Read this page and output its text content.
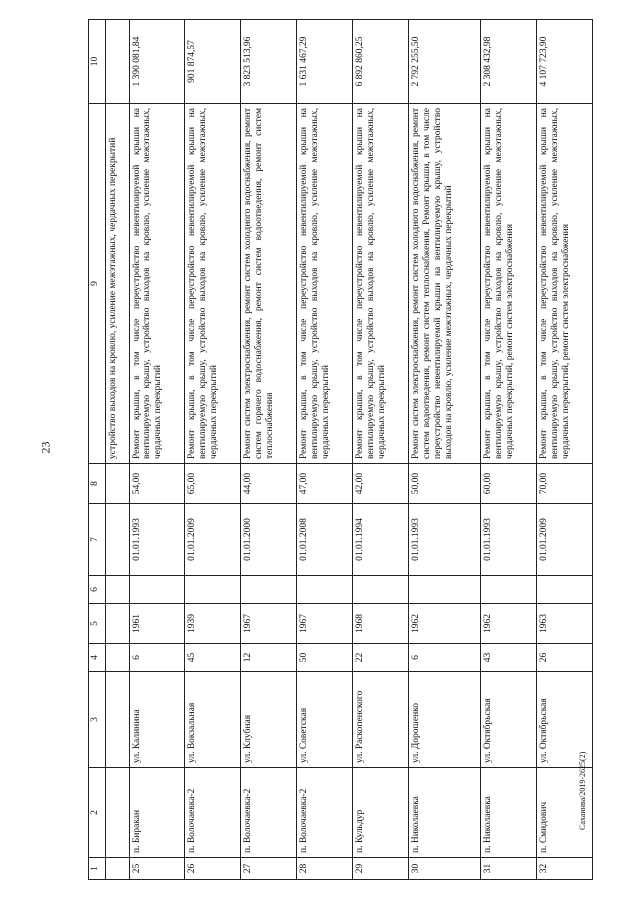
23
1	2	3	4	5	6	7	8	9	10
								устройство выходов на кровлю, усиление межэтажных, чердачных перекрытий	
25	п. Биракан	ул. Калинина	6	1961		01.01.1993	54,00	Ремонт крыши, в том числе переустройство невентилируемой крыши на вентилируемую крышу, устройство выходов на кровлю, усиление межэтажных, чердачных перекрытий	1 390 081,84
26	п. Волочаевка-2	ул. Вокзальная	45	1939		01.01.2009	65,00	Ремонт крыши, в том числе переустройство невентилируемой крыши на вентилируемую крышу, устройство выходов на кровлю, усиление межэтажных, чердачных перекрытий	901 874,57
27	п. Волочаевка-2	ул. Клубная	12	1967		01.01.2000	44,00	Ремонт систем электроснабжения, ремонт систем холодного водоснабжения, ремонт систем горячего водоснабжения, ремонт систем водоотведения, ремонт систем теплоснабжения	3 823 513,96
28	п. Волочаевка-2	ул. Советская	50	1967		01.01.2008	47,00	Ремонт крыши, в том числе переустройство невентилируемой крыши на вентилируемую крышу, устройство выходов на кровлю, усиление межэтажных, чердачных перекрытий	1 631 467,29
29	п. Кульдур	ул. Раскопенского	22	1968		01.01.1994	42,00	Ремонт крыши, в том числе переустройство невентилируемой крыши на вентилируемую крышу, устройство выходов на кровлю, усиление межэтажных, чердачных перекрытий	6 892 860,25
30	п. Николаевка	ул. Дорошенко	6	1962		01.01.1993	50,00	Ремонт систем электроснабжения, ремонт систем холодного водоснабжения, ремонт систем водоотведения, ремонт систем теплоснабжения, Ремонт крыши, в том числе переустройство невентилируемой крыши на вентилируемую крышу, устройство выходов на кровлю, усиление межэтажных, чердачных перекрытий	2 792 255,50
31	п. Николаевка	ул. Октябрьская	43	1962		01.01.1993	60,00	Ремонт крыши, в том числе переустройство невентилируемой крыши на вентилируемую крышу, устройство выходов на кровлю, усиление межэтажных, чердачных перекрытий, ремонт систем электроснабжения	2 308 432,98
32	п. Смидович	ул. Октябрьская	26	1963		01.01.2009	70,00	Ремонт крыши, в том числе переустройство невентилируемой крыши на вентилируемую крышу, устройство выходов на кровлю, усиление межэтажных, чердачных перекрытий, ремонт систем электроснабжения	4 107 723,90
Сахаинва/2019-2625(2)
